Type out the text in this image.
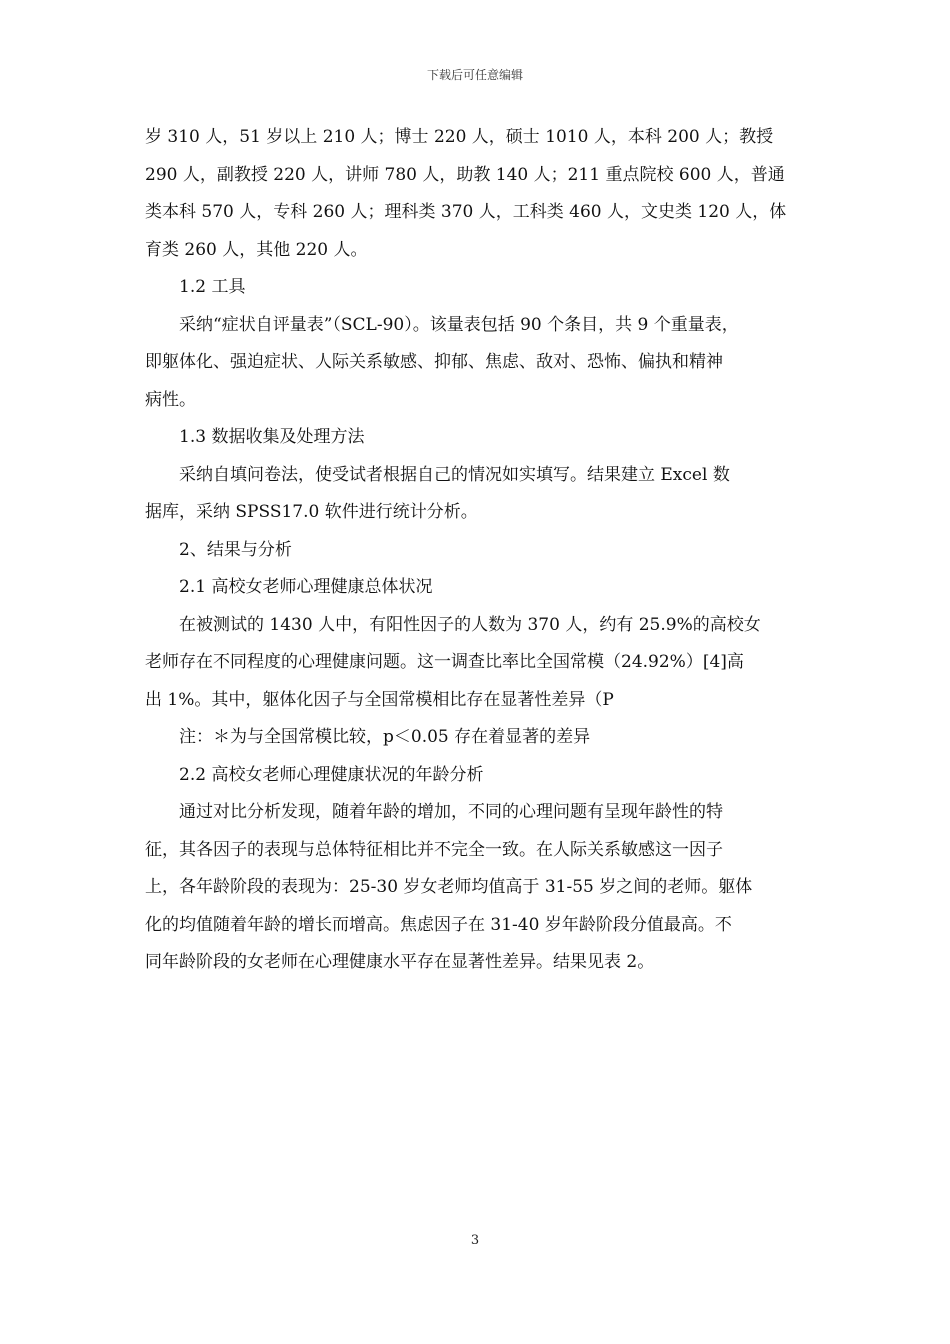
下载后可任意编辑

岁 310 人，51 岁以上 210 人；博士 220 人，硕士 1010 人，本科 200 人；教授

290 人，副教授 220 人，讲师 780 人，助教 140 人；211 重点院校 600 人，普通

类本科 570 人，专科 260 人；理科类 370 人，工科类 460 人，文史类 120 人，体

育类 260 人，其他 220 人。

1.2 工具

采纳“症状自评量表”（SCL-90）。该量表包括 90 个条目，共 9 个重量表，

即躯体化、强迫症状、人际关系敏感、抑郁、焦虑、敌对、恐怖、偏执和精神

病性。

1.3 数据收集及处理方法

采纳自填问卷法，使受试者根据自己的情况如实填写。结果建立 Excel 数

据库，采纳 SPSS17.0 软件进行统计分析。

2、结果与分析

2.1 高校女老师心理健康总体状况

在被测试的 1430 人中，有阳性因子的人数为 370 人，约有 25.9%的高校女

老师存在不同程度的心理健康问题。这一调查比率比全国常模（24.92%）[4]高

出 1%。其中，躯体化因子与全国常模相比存在显著性差异（P

注：＊为与全国常模比较，p＜0.05 存在着显著的差异

2.2 高校女老师心理健康状况的年龄分析

通过对比分析发现，随着年龄的增加，不同的心理问题有呈现年龄性的特

征，其各因子的表现与总体特征相比并不完全一致。在人际关系敏感这一因子

上，各年龄阶段的表现为：25-30 岁女老师均值高于 31-55 岁之间的老师。躯体

化的均值随着年龄的增长而增高。焦虑因子在 31-40 岁年龄阶段分值最高。不

同年龄阶段的女老师在心理健康水平存在显著性差异。结果见表 2。

3
